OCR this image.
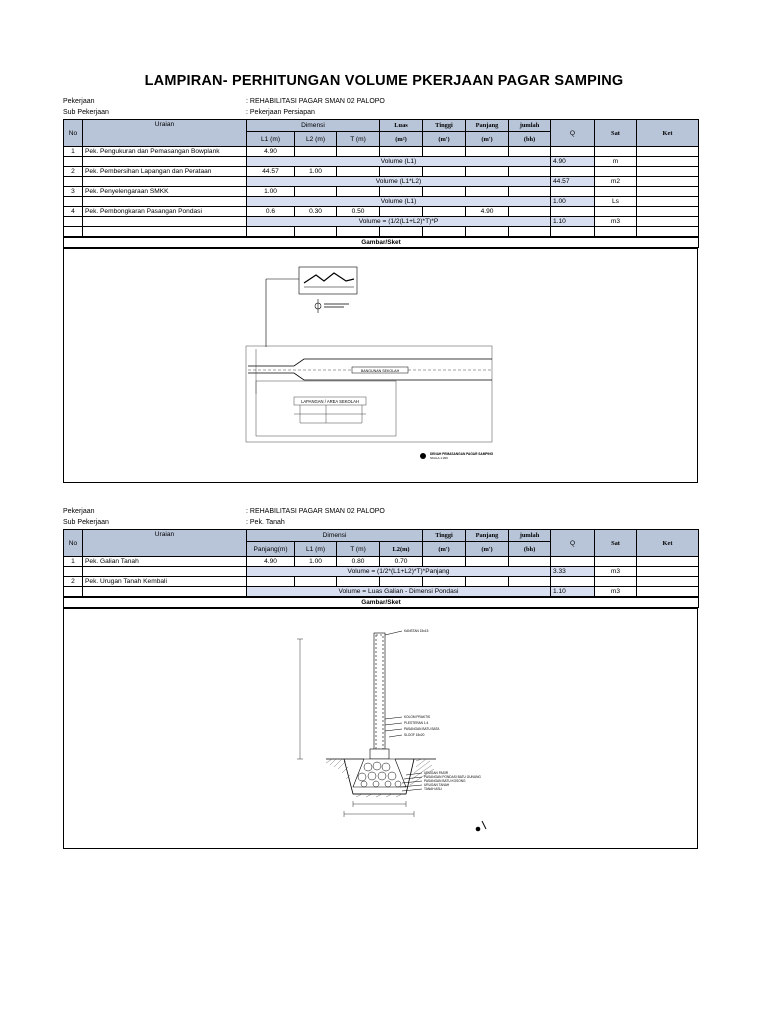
LAMPIRAN- PERHITUNGAN VOLUME PKERJAAN PAGAR SAMPING
Pekerjaan	: REHABILITASI PAGAR SMAN 02 PALOPO
Sub Pekerjaan	: Pekerjaan Persiapan
No	Uraian	Dimensi			Luas	Tinggi	Panjang	jumlah	Q	Sat	Ket
		L1 (m)	L2 (m)	T (m)	(m²)	(m')	(m')	(bh)			
1	Pek. Pengukuran dan Pemasangan Bowplank	4.90									
		Volume (L1)							4.90	m	
2	Pek. Pembersihan Lapangan dan Perataan	44.57	1.00								
		Volume (L1*L2)							44.57	m2	
3	Pek. Penyelengaraan SMKK	1.00									
		Volume (L1)							1.00	Ls	
4	Pek. Pembongkaran Pasangan Pondasi	0.6	0.30	0.50			4.90				
		Volume = (1/2(L1+L2)*T)*P							1.10	m3	

Gambar/Sket											
BANGUNAN SEKOLAH
LAPANGAN / AREA SEKOLAH
DENAH PEMASANGAN PAGAR SAMPING
SKALA 1:200
Pekerjaan	: REHABILITASI PAGAR SMAN 02 PALOPO
Sub Pekerjaan	: Pek. Tanah
No	Uraian	Dimensi				Tinggi	Panjang	jumlah	Q	Sat	Ket
		Panjang(m)	L1 (m)	T (m)	L2(m)	(m')	(m')	(bh)			
1	Pek. Galian Tanah	4.90	1.00	0.80	0.70						
		Volume = (1/2*(L1+L2)*T)*Panjang							3.33	m3	
2	Pek. Urugan Tanah Kembali										
		Volume = Luas Galian - Dimensi Pondasi							1.10	m3	
Gambar/Sket											
KANSTAN 15x15
KOLOM PRAKTIS
PLESTERAN 1:4
PASANGAN BATU BATA
SLOOF 15x20
URUGAN PASIR
PASANGAN PONDASI BATU GUNUNG
PASANGAN BATU KOSONG
URUGAN TANAH
TANAH ASLI
